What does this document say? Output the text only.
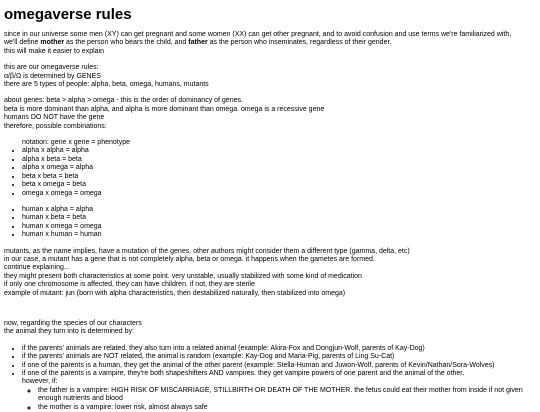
omegaverse rules
since in our universe some men (XY) can get pregnant and some women (XX) can get other pregnant, and to avoid confusion and use terms we're familiarized with,
we'll define mother as the person who bears the child, and father as the person who inseminates, regardless of their gender.
this will make it easier to explain
this are our omegaverse rules:
α/β/Ω is determined by GENES
there are 5 types of people: alpha, beta, omega, humans, mutants
about genes: beta > alpha > omega - this is the order of dominancy of genes.
beta is more dominant than alpha, and alpha is more dominant than omega. omega is a recessive gene
humans DO NOT have the gene
therefore, possible combinations:
notation: gene x gene = phenotype
• alpha x alpha = alpha
• alpha x beta = beta
• alpha x omega = alpha
• beta x beta = beta
• beta x omega = beta
• omega x omega = omega
• human x alpha = alpha
• human x beta = beta
• human x omega = omega
• human x human = human
mutants, as the name implies, have a mutation of the genes. other authors might consider them a different type (gamma, delta, etc)
in our case, a mutant has a gene that is not completely alpha, beta or omega. it happens when the gametes are formed.
continue explaining...
they might present both characteristics at some point. very unstable, usually stabilized with some kind of medication
if only one chromosome is affected, they can have children. if not, they are sterile
example of mutant: jun (born with alpha characteristics, then destabilized naturally, then stabilized into omega)
now, regarding the species of our characters
the animal they turn into is determined by:
• if the parents' animals are related, they also turn into a related animal (example: Akira-Fox and Dongjun-Wolf, parents of Kay-Dog)
• if the parents' animals are NOT related, the animal is random (example: Kay-Dog and Maria-Pig, parents of Ling Su-Cat)
• if one of the parents is a human, they get the animal of the other parent (example: Stella-Human and Juwon-Wolf, parents of Kevin/Nathan/Sora-Wolves)
• if one of the parents is a vampire, they're both shapeshifters AND vampires. they get vampire powers of one parent and the animal of the other.
however, if:
◦ the father is a vampire: HIGH RISK OF MISCARRIAGE, STILLBIRTH OR DEATH OF THE MOTHER. the fetus could eat their mother from inside if not given enough nutrients and blood
◦ the mother is a vampire: lower risk, almost always safe
